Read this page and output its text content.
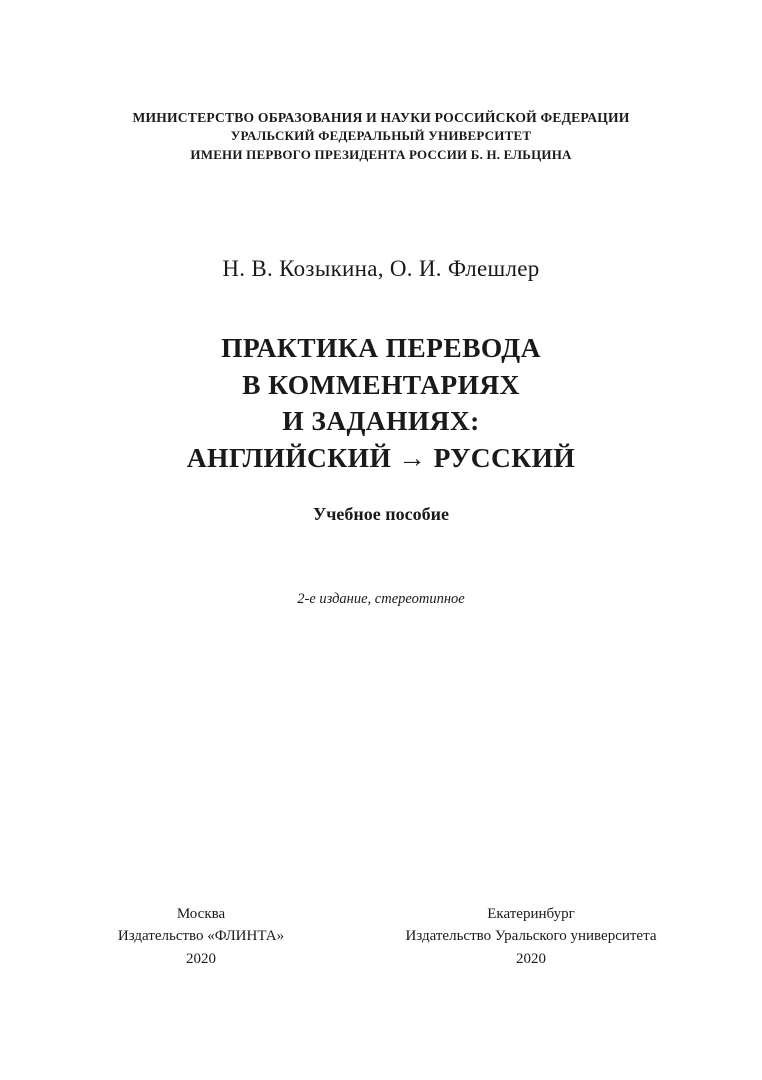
МИНИСТЕРСТВО ОБРАЗОВАНИЯ И НАУКИ РОССИЙСКОЙ ФЕДЕРАЦИИ
УРАЛЬСКИЙ ФЕДЕРАЛЬНЫЙ УНИВЕРСИТЕТ
ИМЕНИ ПЕРВОГО ПРЕЗИДЕНТА РОССИИ Б. Н. ЕЛЬЦИНА
Н. В. Козыкина, О. И. Флешлер
ПРАКТИКА ПЕРЕВОДА
В КОММЕНТАРИЯХ
И ЗАДАНИЯХ:
АНГЛИЙСКИЙ → РУССКИЙ
Учебное пособие
2-е издание, стереотипное
Москва
Издательство «ФЛИНТА»
2020
Екатеринбург
Издательство Уральского университета
2020
